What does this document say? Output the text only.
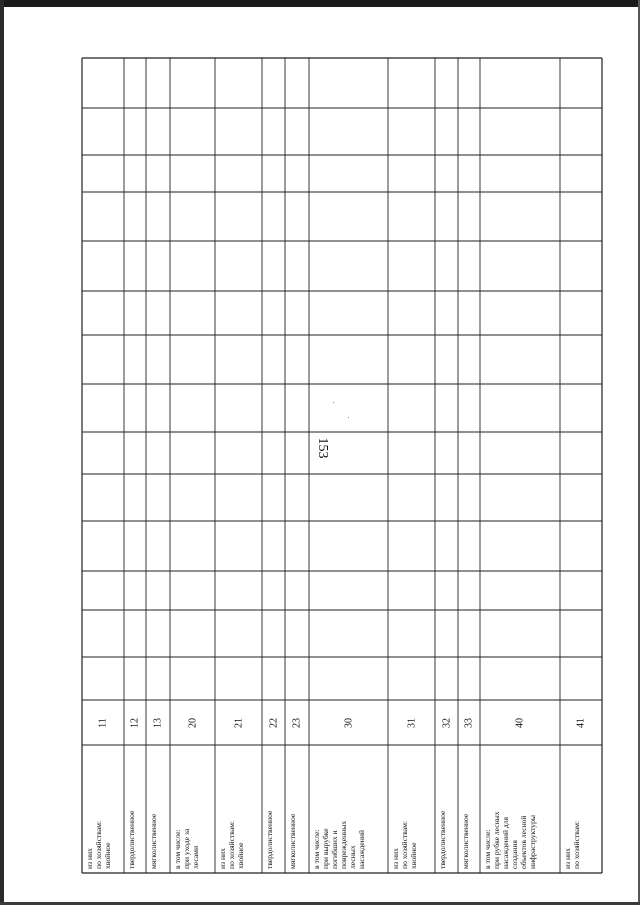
153
11
из них по хозяйствам: хвойное
12
твердолиственное
13
мягколиственное
20
в том числе: при уходе за лесами
21
из них по хозяйствам: хвойное
22
твердолиственное
23
мягколиственное
30
в том числе: при вырубке погибших и поврежденных лесных насаждений
31
из них по хозяйствам: хвойное
32
твердолиственное
33
мягколиственное
40
в том числе: при рубке лесных насаждений для создания объектов лесной инфраструктуры
41
из них по хозяйствам:
